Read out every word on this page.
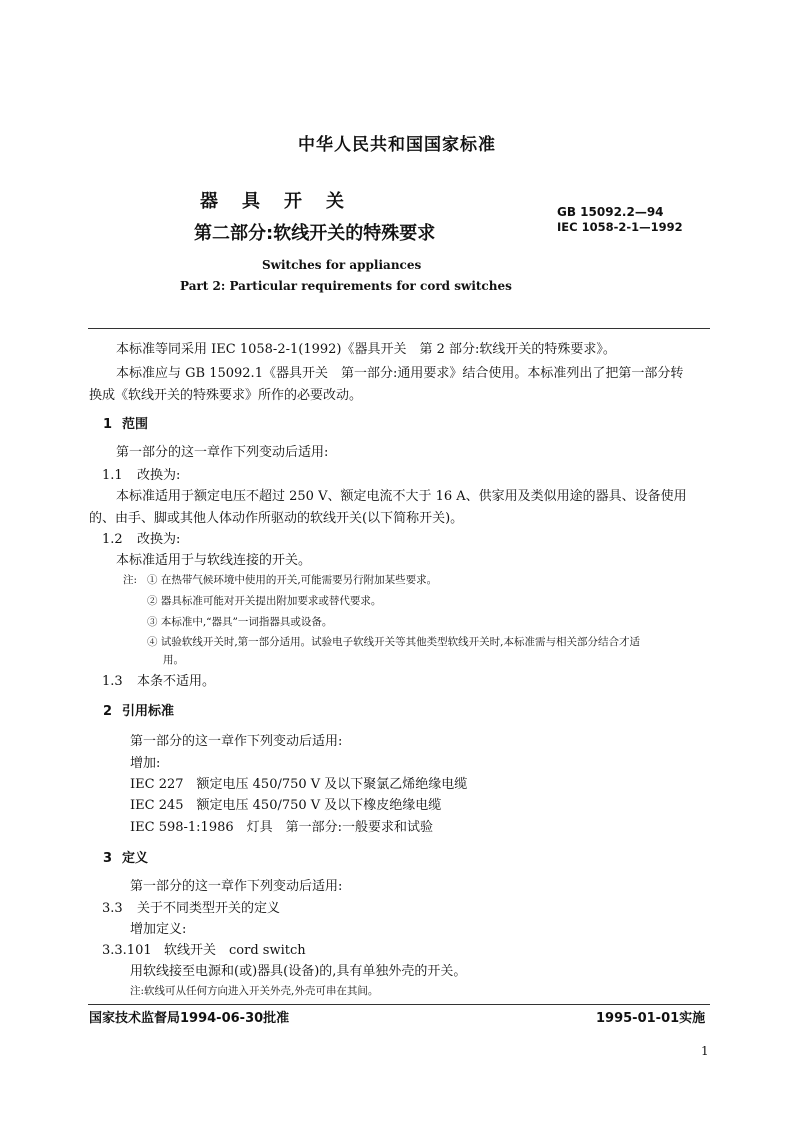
中华人民共和国国家标准
器　具　开　关
第二部分:软线开关的特殊要求
GB 15092.2—94
IEC 1058-2-1—1992
Switches for appliances
Part 2: Particular requirements for cord switches
本标准等同采用 IEC 1058-2-1(1992)《器具开关　第 2 部分:软线开关的特殊要求》。
本标准应与 GB 15092.1《器具开关　第一部分:通用要求》结合使用。本标准列出了把第一部分转
换成《软线开关的特殊要求》所作的必要改动。
1 范围
第一部分的这一章作下列变动后适用:
1.1 改换为:
本标准适用于额定电压不超过 250 V、额定电流不大于 16 A、供家用及类似用途的器具、设备使用
的、由手、脚或其他人体动作所驱动的软线开关(以下简称开关)。
1.2 改换为:
本标准适用于与软线连接的开关。
注: ① 在热带气候环境中使用的开关,可能需要另行附加某些要求。
② 器具标准可能对开关提出附加要求或替代要求。
③ 本标准中,“器具”一词指器具或设备。
④ 试验软线开关时,第一部分适用。试验电子软线开关等其他类型软线开关时,本标准需与相关部分结合才适
用。
1.3 本条不适用。
2 引用标准
第一部分的这一章作下列变动后适用:
增加:
IEC 227　额定电压 450/750 V 及以下聚氯乙烯绝缘电缆
IEC 245　额定电压 450/750 V 及以下橡皮绝缘电缆
IEC 598-1:1986　灯具　第一部分:一般要求和试验
3 定义
第一部分的这一章作下列变动后适用:
3.3 关于不同类型开关的定义
增加定义:
3.3.101 软线开关　cord switch
用软线接至电源和(或)器具(设备)的,具有单独外壳的开关。
注:软线可从任何方向进入开关外壳,外壳可串在其间。
国家技术监督局1994-06-30批准	1995-01-01实施
1
